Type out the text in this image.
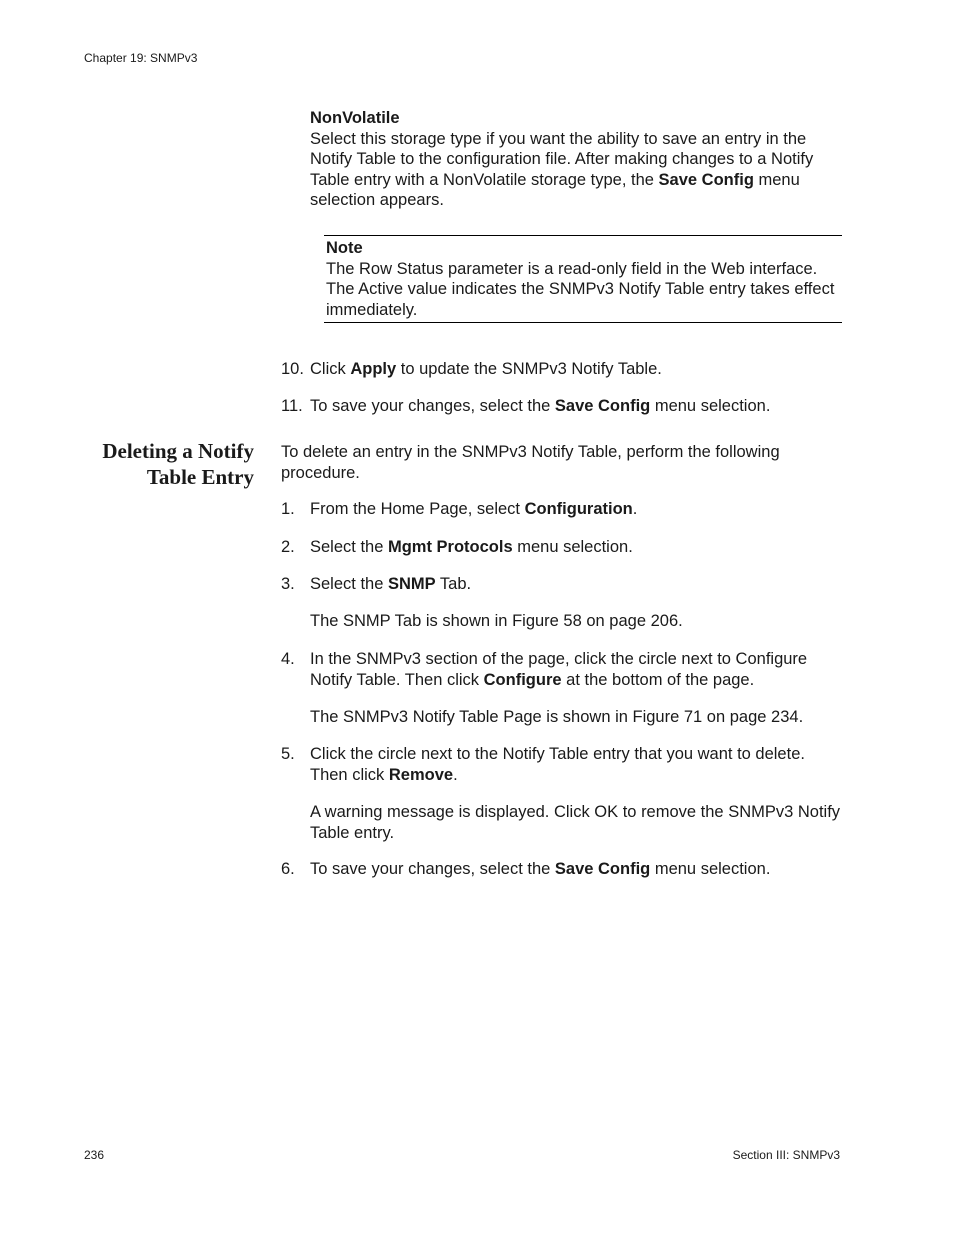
Chapter 19: SNMPv3
NonVolatile
Select this storage type if you want the ability to save an entry in the Notify Table to the configuration file. After making changes to a Notify Table entry with a NonVolatile storage type, the Save Config menu selection appears.
Note
The Row Status parameter is a read-only field in the Web interface. The Active value indicates the SNMPv3 Notify Table entry takes effect immediately.
10. Click Apply to update the SNMPv3 Notify Table.
11. To save your changes, select the Save Config menu selection.
Deleting a Notify
Table Entry
To delete an entry in the SNMPv3 Notify Table, perform the following procedure.
1. From the Home Page, select Configuration.
2. Select the Mgmt Protocols menu selection.
3. Select the SNMP Tab.
The SNMP Tab is shown in Figure 58 on page 206.
4. In the SNMPv3 section of the page, click the circle next to Configure Notify Table. Then click Configure at the bottom of the page.
The SNMPv3 Notify Table Page is shown in Figure 71 on page 234.
5. Click the circle next to the Notify Table entry that you want to delete. Then click Remove.
A warning message is displayed. Click OK to remove the SNMPv3 Notify Table entry.
6. To save your changes, select the Save Config menu selection.
236	Section III: SNMPv3
